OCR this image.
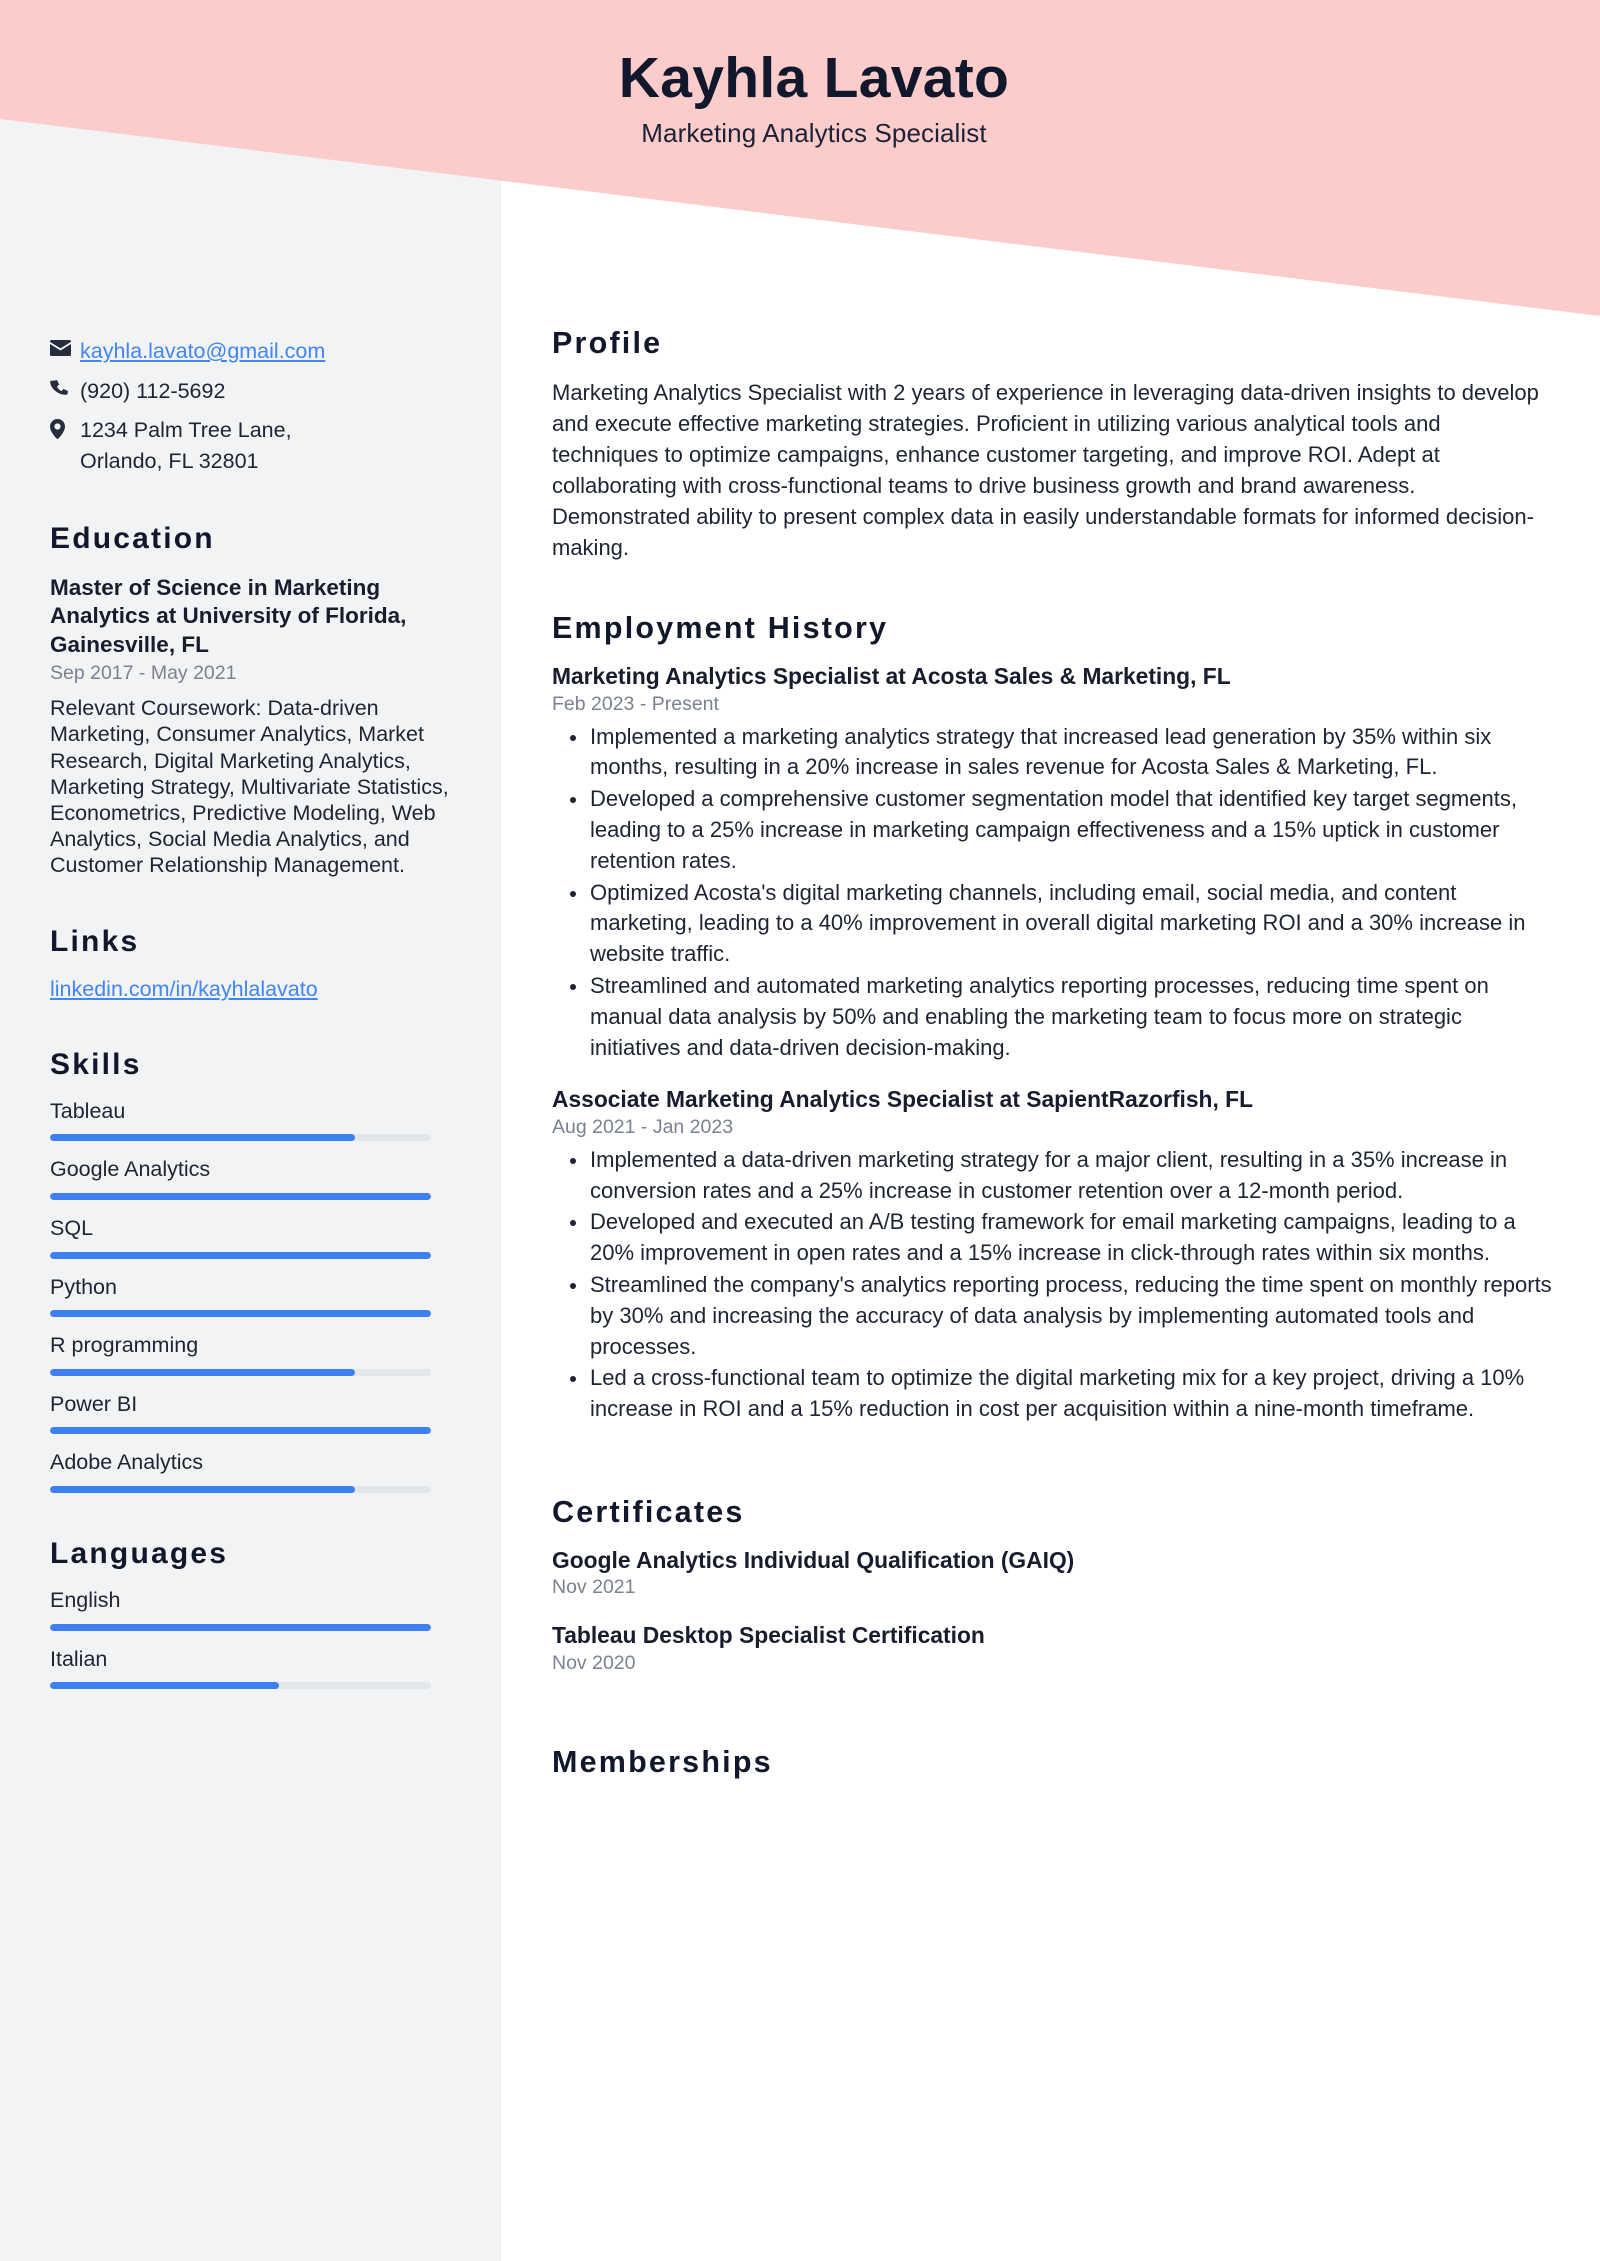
Kayhla Lavato
Marketing Analytics Specialist
kayhla.lavato@gmail.com
(920) 112-5692
1234 Palm Tree Lane,
Orlando, FL 32801
Education
Master of Science in Marketing Analytics at University of Florida, Gainesville, FL
Sep 2017 - May 2021
Relevant Coursework: Data-driven Marketing, Consumer Analytics, Market Research, Digital Marketing Analytics, Marketing Strategy, Multivariate Statistics, Econometrics, Predictive Modeling, Web Analytics, Social Media Analytics, and Customer Relationship Management.
Links
linkedin.com/in/kayhlalavato
Skills
Tableau
Google Analytics
SQL
Python
R programming
Power BI
Adobe Analytics
Languages
English
Italian
Profile
Marketing Analytics Specialist with 2 years of experience in leveraging data-driven insights to develop and execute effective marketing strategies. Proficient in utilizing various analytical tools and techniques to optimize campaigns, enhance customer targeting, and improve ROI. Adept at collaborating with cross-functional teams to drive business growth and brand awareness. Demonstrated ability to present complex data in easily understandable formats for informed decision-making.
Employment History
Marketing Analytics Specialist at Acosta Sales & Marketing, FL
Feb 2023 - Present
Implemented a marketing analytics strategy that increased lead generation by 35% within six months, resulting in a 20% increase in sales revenue for Acosta Sales & Marketing, FL.
Developed a comprehensive customer segmentation model that identified key target segments, leading to a 25% increase in marketing campaign effectiveness and a 15% uptick in customer retention rates.
Optimized Acosta's digital marketing channels, including email, social media, and content marketing, leading to a 40% improvement in overall digital marketing ROI and a 30% increase in website traffic.
Streamlined and automated marketing analytics reporting processes, reducing time spent on manual data analysis by 50% and enabling the marketing team to focus more on strategic initiatives and data-driven decision-making.
Associate Marketing Analytics Specialist at SapientRazorfish, FL
Aug 2021 - Jan 2023
Implemented a data-driven marketing strategy for a major client, resulting in a 35% increase in conversion rates and a 25% increase in customer retention over a 12-month period.
Developed and executed an A/B testing framework for email marketing campaigns, leading to a 20% improvement in open rates and a 15% increase in click-through rates within six months.
Streamlined the company's analytics reporting process, reducing the time spent on monthly reports by 30% and increasing the accuracy of data analysis by implementing automated tools and processes.
Led a cross-functional team to optimize the digital marketing mix for a key project, driving a 10% increase in ROI and a 15% reduction in cost per acquisition within a nine-month timeframe.
Certificates
Google Analytics Individual Qualification (GAIQ)
Nov 2021
Tableau Desktop Specialist Certification
Nov 2020
Memberships
